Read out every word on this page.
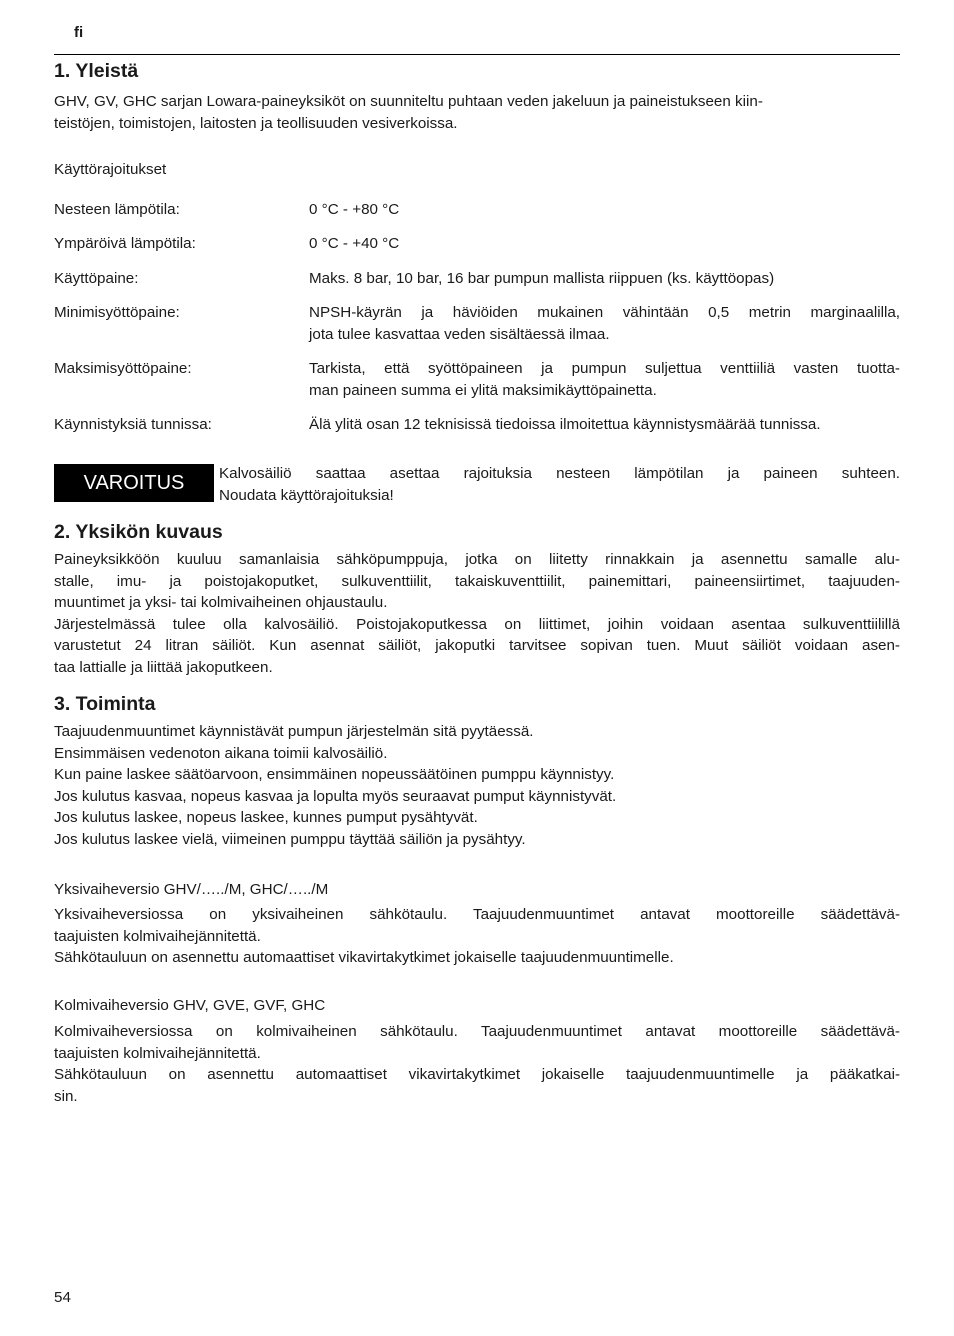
fi
1. Yleistä
GHV, GV, GHC sarjan Lowara-paineyksiköt on suunniteltu puhtaan veden jakeluun ja paineistukseen kiin-
teistöjen, toimistojen, laitosten ja teollisuuden vesiverkoissa.
Käyttörajoitukset
Nesteen lämpötila:	0 °C - +80 °C
Ympäröivä lämpötila:	0 °C - +40 °C
Käyttöpaine:	Maks. 8 bar, 10 bar, 16 bar pumpun mallista riippuen (ks. käyttöopas)
Minimisyöttöpaine:	NPSH-käyrän ja häviöiden mukainen vähintään 0,5 metrin marginaalilla,
jota tulee kasvattaa veden sisältäessä ilmaa.
Maksimisyöttöpaine:	Tarkista, että syöttöpaineen ja pumpun suljettua venttiiliä vasten tuotta-
man paineen summa ei ylitä maksimikäyttöpainetta.
Käynnistyksiä tunnissa:	Älä ylitä osan 12 teknisissä tiedoissa ilmoitettua käynnistysmäärää tunnissa.
VAROITUS	Kalvosäiliö saattaa asettaa rajoituksia nesteen lämpötilan ja paineen suhteen.
Noudata käyttörajoituksia!
2. Yksikön kuvaus
Paineyksikköön kuuluu samanlaisia sähköpumppuja, jotka on liitetty rinnakkain ja asennettu samalle alu-
stalle, imu- ja poistojakoputket, sulkuventtiilit, takaiskuventtiilit, painemittari, paineensiirtimet, taajuuden-
muuntimet ja yksi- tai kolmivaiheinen ohjaustaulu.
Järjestelmässä tulee olla kalvosäiliö. Poistojakoputkessa on liittimet, joihin voidaan asentaa sulkuventtiilillä
varustetut 24 litran säiliöt. Kun asennat säiliöt, jakoputki tarvitsee sopivan tuen. Muut säiliöt voidaan asen-
taa lattialle ja liittää jakoputkeen.
3. Toiminta
Taajuudenmuuntimet käynnistävät pumpun järjestelmän sitä pyytäessä.
Ensimmäisen vedenoton aikana toimii kalvosäiliö.
Kun paine laskee säätöarvoon, ensimmäinen nopeussäätöinen pumppu käynnistyy.
Jos kulutus kasvaa, nopeus kasvaa ja lopulta myös seuraavat pumput käynnistyvät.
Jos kulutus laskee, nopeus laskee, kunnes pumput pysähtyvät.
Jos kulutus laskee vielä, viimeinen pumppu täyttää säiliön ja pysähtyy.
Yksivaiheversio GHV/…../M, GHC/…../M
Yksivaiheversiossa on yksivaiheinen sähkötaulu. Taajuudenmuuntimet antavat moottoreille säädettävä-
taajuisten kolmivaihejännitettä.
Sähkötauluun on asennettu automaattiset vikavirtakytkimet jokaiselle taajuudenmuuntimelle.
Kolmivaiheversio GHV, GVE, GVF, GHC
Kolmivaiheversiossa on kolmivaiheinen sähkötaulu. Taajuudenmuuntimet antavat moottoreille säädettävä-
taajuisten kolmivaihejännitettä.
Sähkötauluun on asennettu automaattiset vikavirtakytkimet jokaiselle taajuudenmuuntimelle ja pääkatkai-
sin.
54
